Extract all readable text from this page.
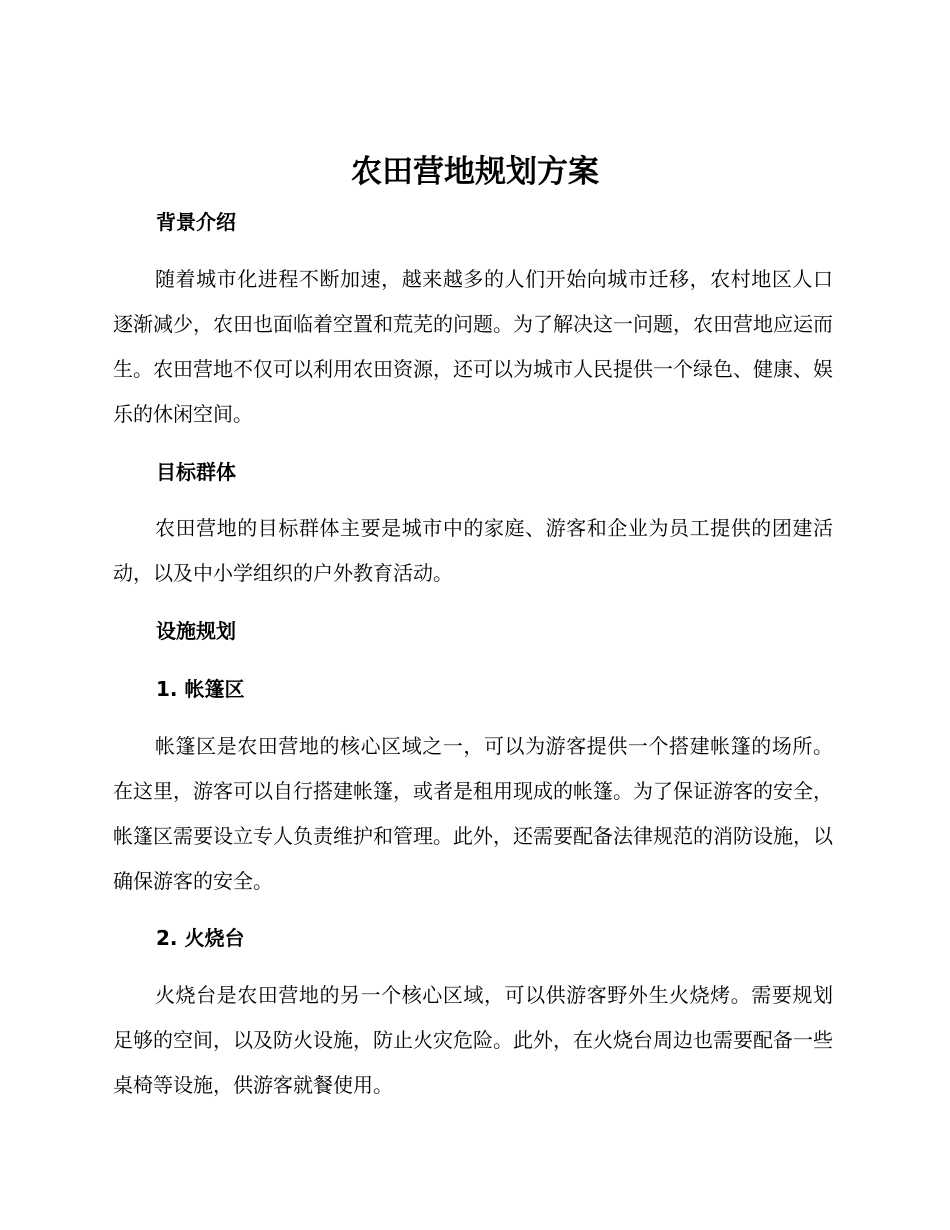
农田营地规划方案
背景介绍

随着城市化进程不断加速，越来越多的人们开始向城市迁移，农村地区人口逐渐减少，农田也面临着空置和荒芜的问题。为了解决这一问题，农田营地应运而生。农田营地不仅可以利用农田资源，还可以为城市人民提供一个绿色、健康、娱乐的休闲空间。

目标群体

农田营地的目标群体主要是城市中的家庭、游客和企业为员工提供的团建活动，以及中小学组织的户外教育活动。

设施规划
1. 帐篷区

帐篷区是农田营地的核心区域之一，可以为游客提供一个搭建帐篷的场所。在这里，游客可以自行搭建帐篷，或者是租用现成的帐篷。为了保证游客的安全，帐篷区需要设立专人负责维护和管理。此外，还需要配备法律规范的消防设施，以确保游客的安全。

2. 火烧台

火烧台是农田营地的另一个核心区域，可以供游客野外生火烧烤。需要规划足够的空间，以及防火设施，防止火灾危险。此外，在火烧台周边也需要配备一些桌椅等设施，供游客就餐使用。
